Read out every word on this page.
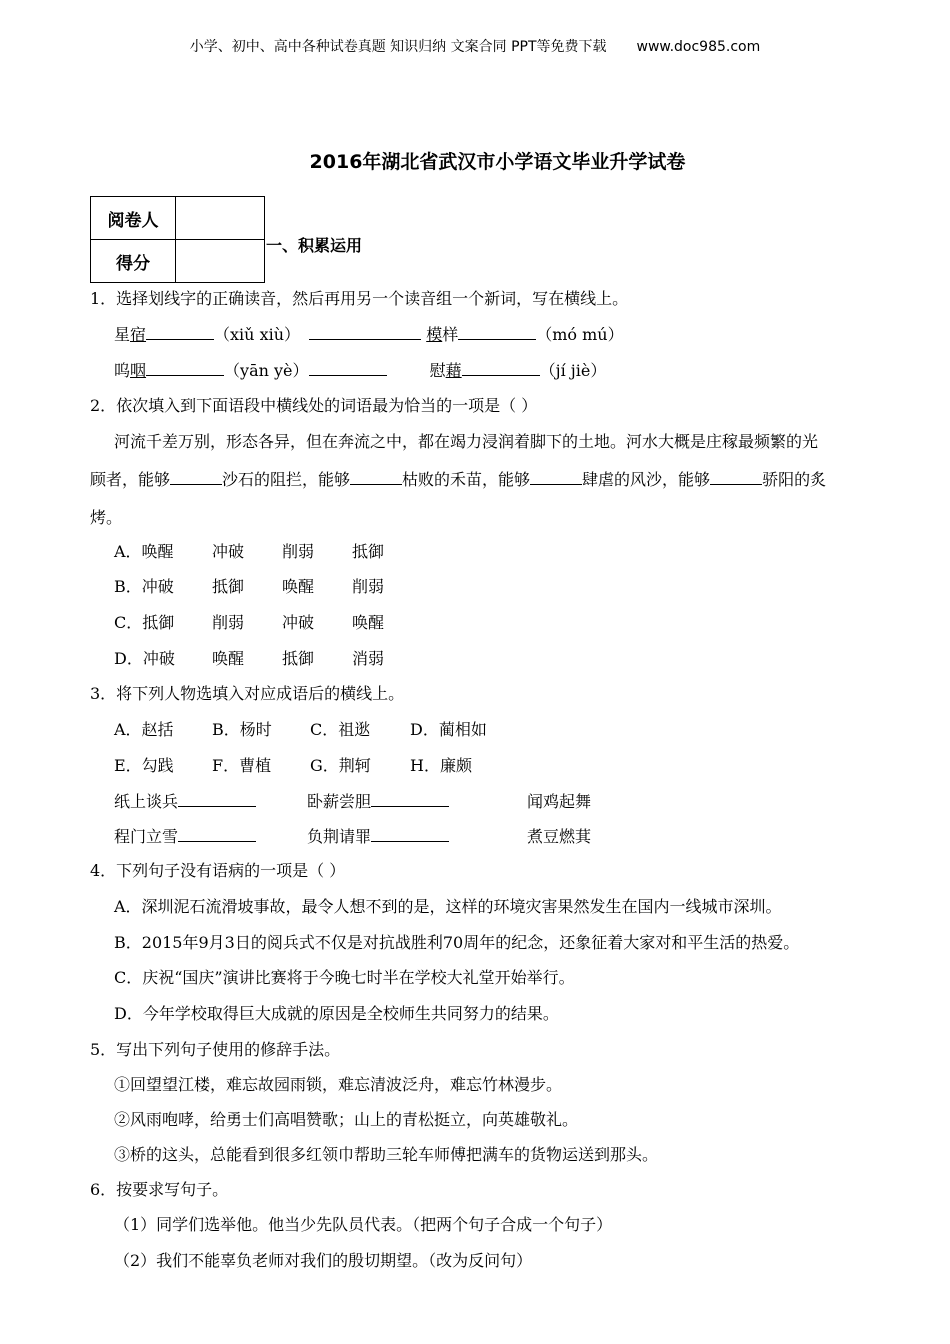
小学、初中、高中各种试卷真题 知识归纳 文案合同 PPT等免费下载 www.doc985.com
2016年湖北省武汉市小学语文毕业升学试卷
阅卷人	
得分	
一、积累运用
1．选择划线字的正确读音，然后再用另一个读音组一个新词，写在横线上。
星宿	（xiǔ xiù）	模样	（mó mú）
呜咽	（yān yè）	慰藉	（jí jiè）
2．依次填入到下面语段中横线处的词语最为恰当的一项是（ ）
河流千差万别，形态各异，但在奔流之中，都在竭力浸润着脚下的土地。河水大概是庄稼最频繁的光
顾者，能够	沙石的阻拦，能够	枯败的禾苗，能够	肆虐的风沙，能够	骄阳的炙
烤。
A．唤醒 冲破 削弱 抵御
B．冲破 抵御 唤醒 削弱
C．抵御 削弱 冲破 唤醒
D．冲破 唤醒 抵御 消弱
3．将下列人物选填入对应成语后的横线上。
A．赵括 B．杨时 C．祖逖 D．蔺相如
E．勾践 F．曹植 G．荆轲 H．廉颇
纸上谈兵	卧薪尝胆	闻鸡起舞
程门立雪	负荆请罪	煮豆燃萁
4．下列句子没有语病的一项是（ ）
A．深圳泥石流滑坡事故，最令人想不到的是，这样的环境灾害果然发生在国内一线城市深圳。
B．2015年9月3日的阅兵式不仅是对抗战胜利70周年的纪念，还象征着大家对和平生活的热爱。
C．庆祝“国庆”演讲比赛将于今晚七时半在学校大礼堂开始举行。
D．今年学校取得巨大成就的原因是全校师生共同努力的结果。
5．写出下列句子使用的修辞手法。
①回望望江楼，难忘故园雨锁，难忘清波泛舟，难忘竹林漫步。
②风雨咆哮，给勇士们高唱赞歌；山上的青松挺立，向英雄敬礼。
③桥的这头，总能看到很多红领巾帮助三轮车师傅把满车的货物运送到那头。
6．按要求写句子。
（1）同学们选举他。他当少先队员代表。（把两个句子合成一个句子）
（2）我们不能辜负老师对我们的殷切期望。（改为反问句）
